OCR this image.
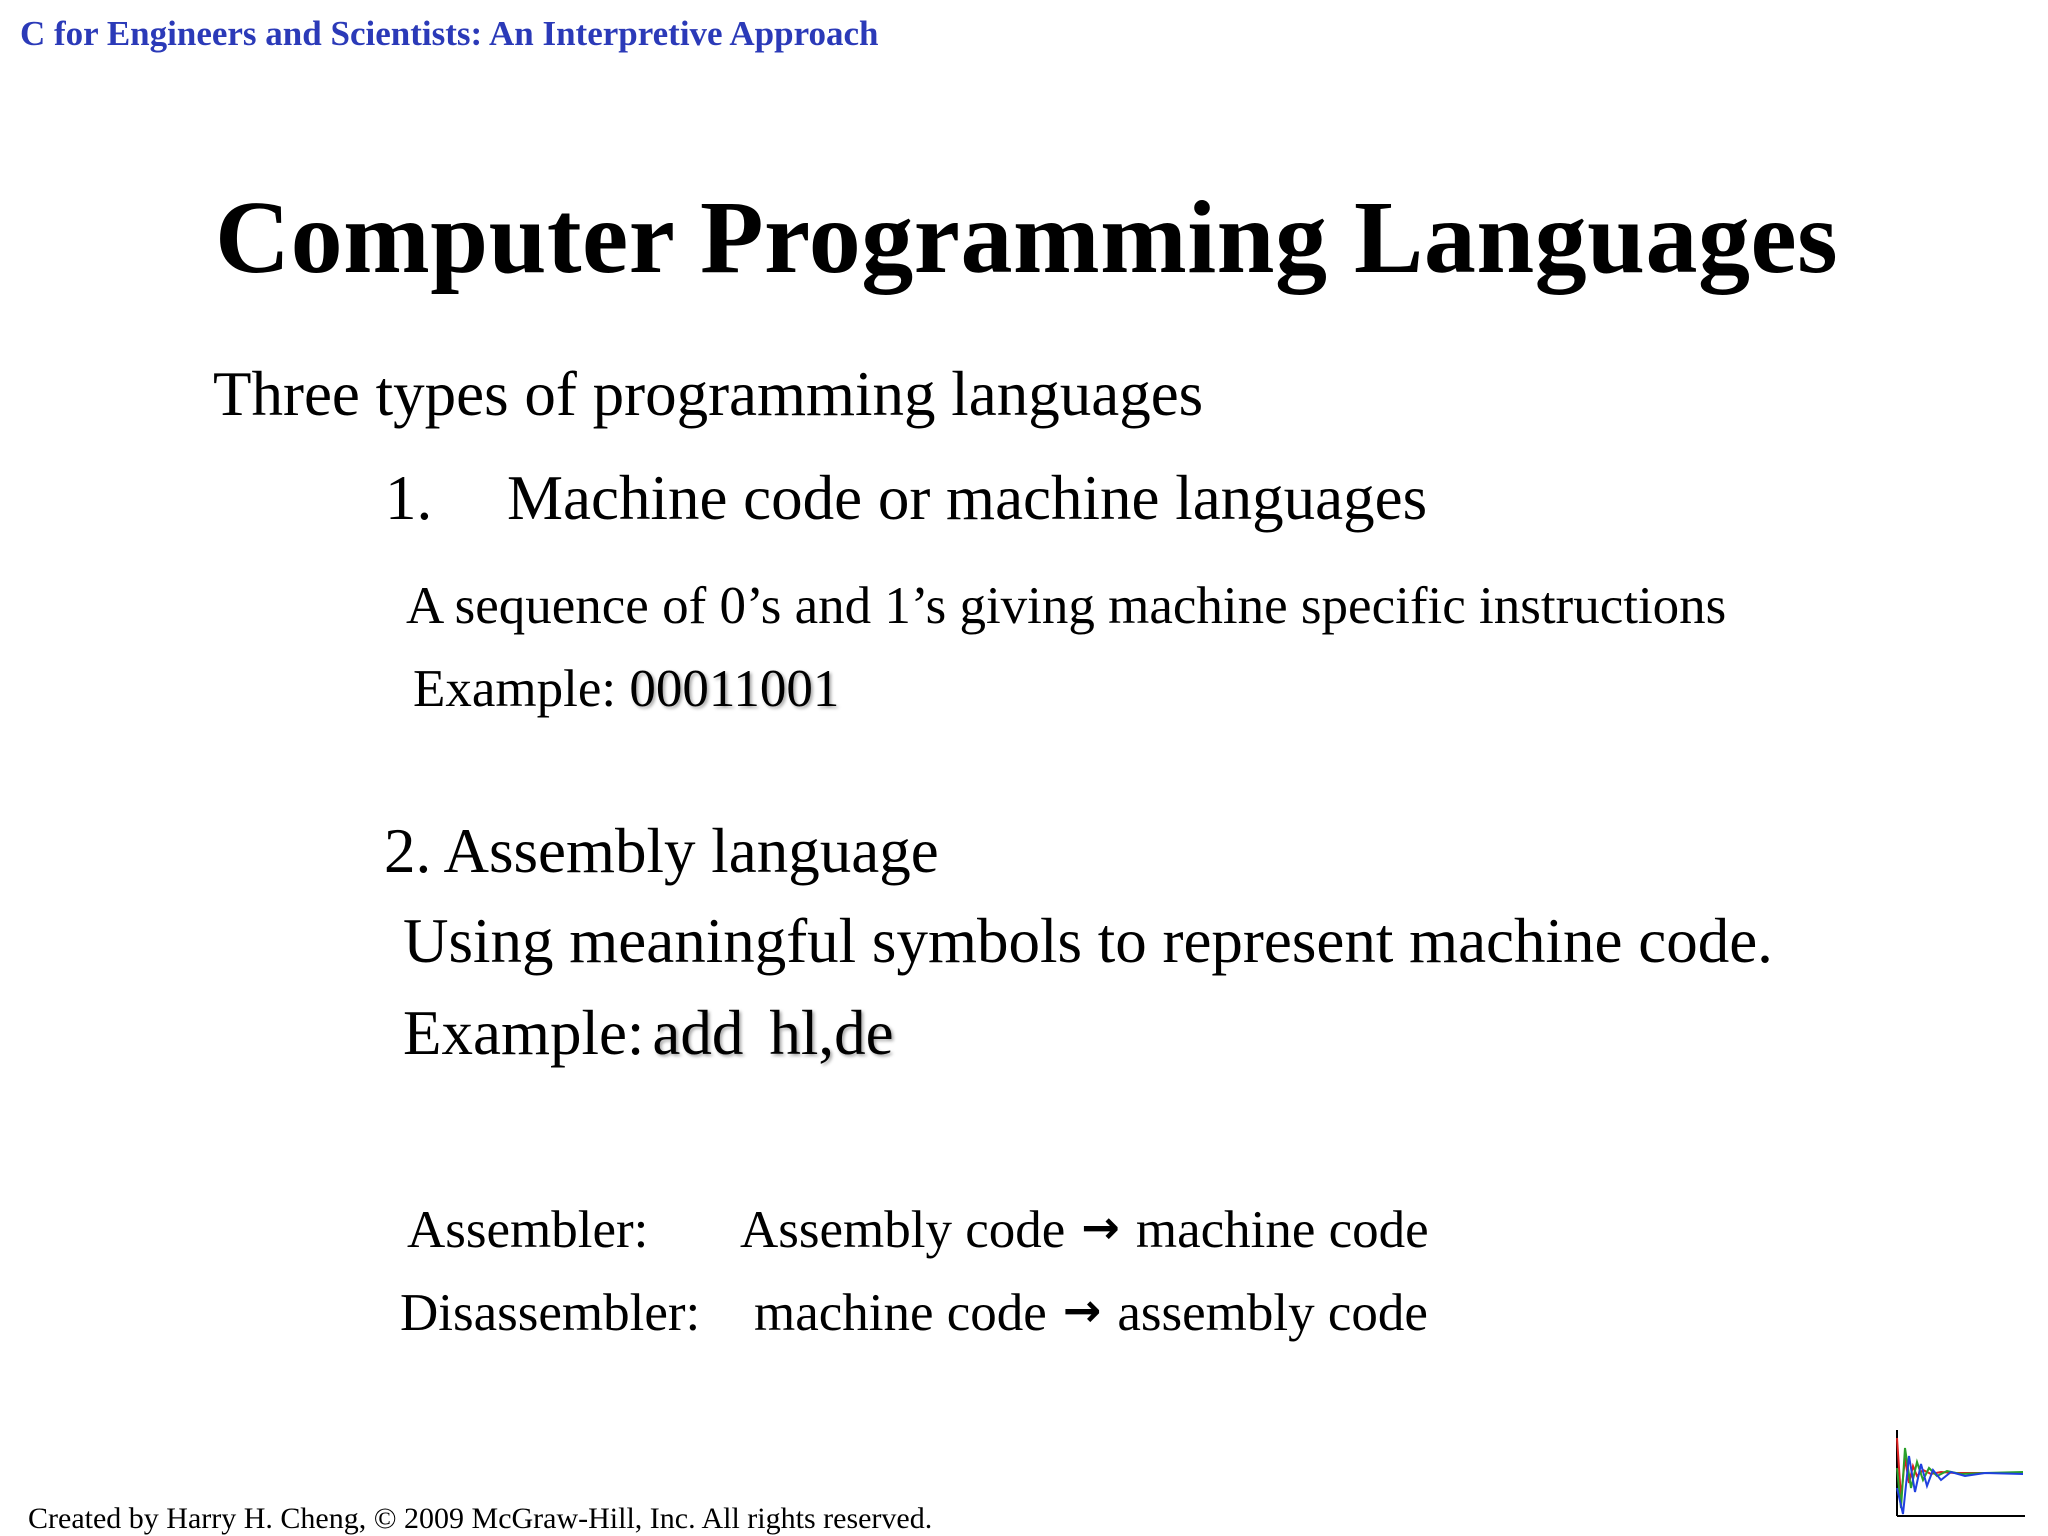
C for Engineers and Scientists: An Interpretive Approach
Computer Programming Languages
Three types of programming languages
1. Machine code or machine languages
A sequence of 0’s and 1’s giving machine specific instructions
Example: 00011001
2. Assembly language
Using meaningful symbols to represent machine code.
Example: add hl,de
Assembler: Assembly code → machine code
Disassembler: machine code → assembly code
Created by Harry H. Cheng, © 2009 McGraw-Hill, Inc. All rights reserved.
